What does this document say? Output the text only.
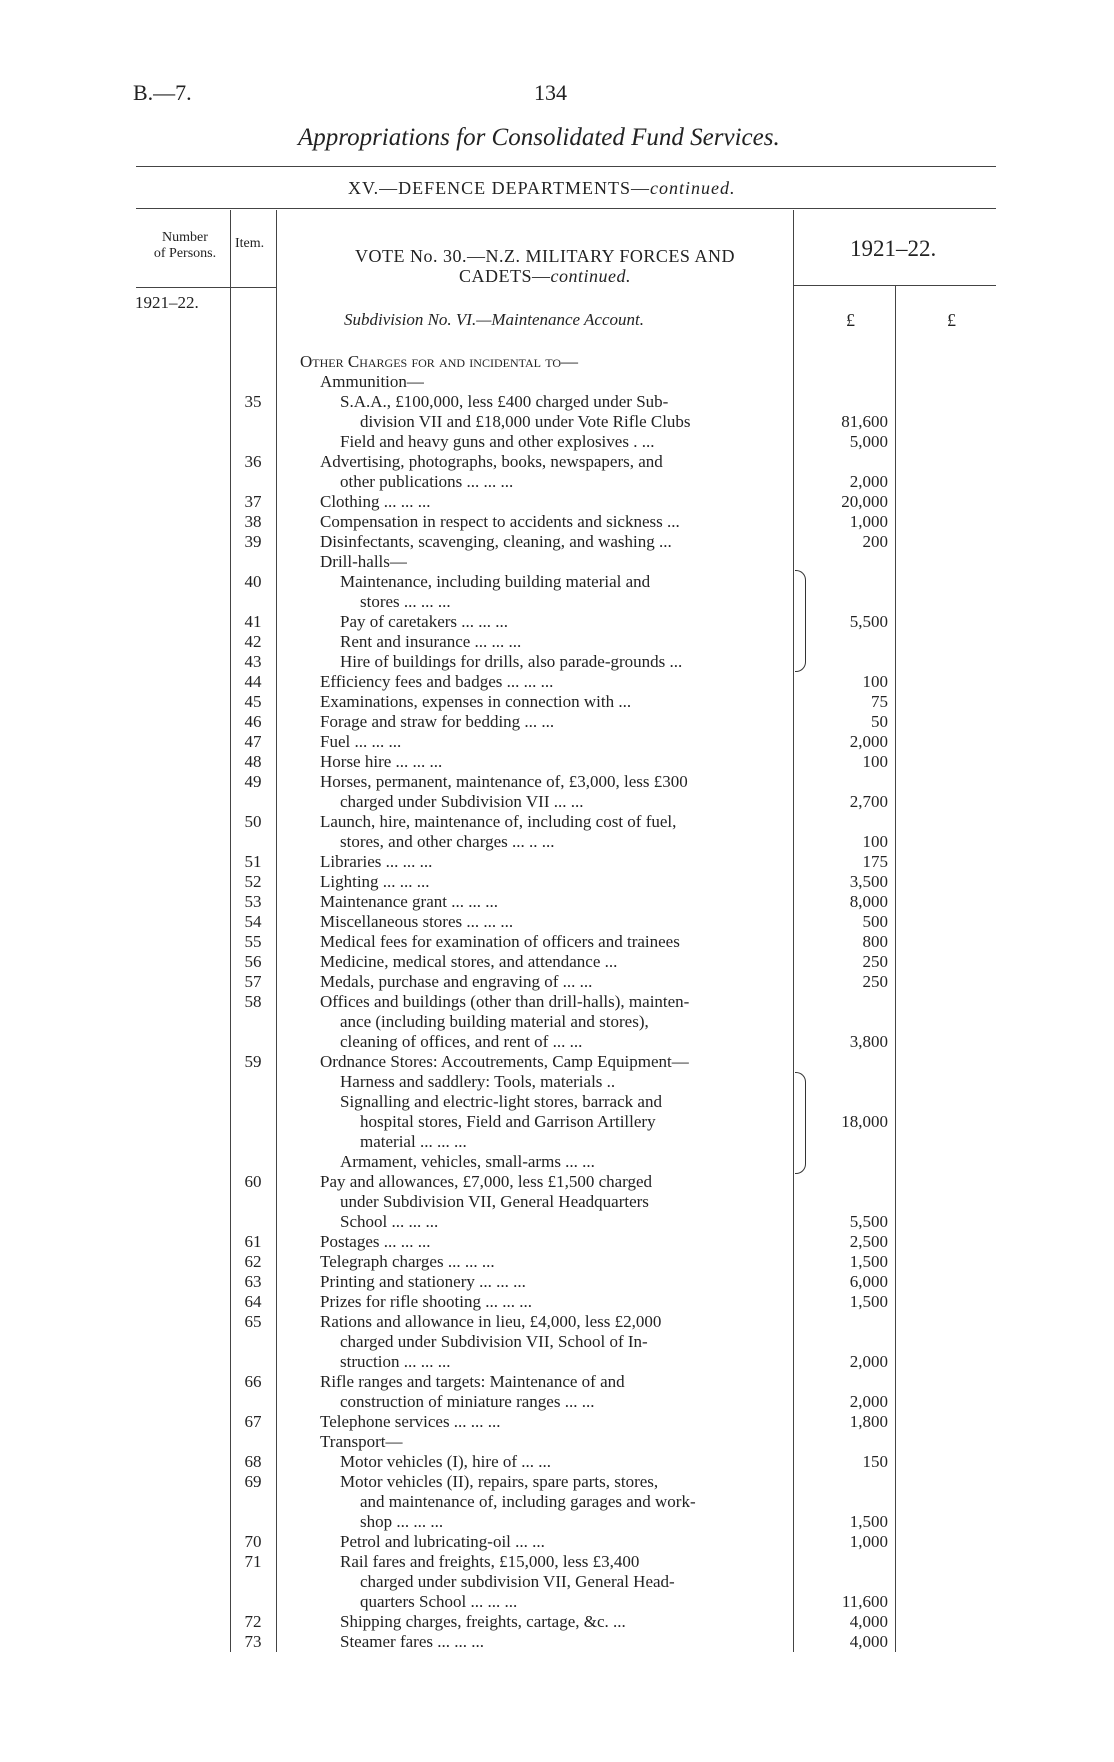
B.—7.	134
Appropriations for Consolidated Fund Services.
XV.—DEFENCE DEPARTMENTS—continued.
Number
of Persons.
Item.
VOTE No. 30.—N.Z. MILITARY FORCES AND
CADETS—continued.
1921–22.
1921–22.
Subdivision No. VI.—Maintenance Account.	£	£
Other Charges for and incidental to—
Ammunition—
35	S.A.A., £100,000, less £400 charged under Sub-
division VII and £18,000 under Vote Rifle Clubs	81,600
Field and heavy guns and other explosives . ...	5,000
36	Advertising, photographs, books, newspapers, and
other publications ... ... ...	2,000
37	Clothing ... ... ...	20,000
38	Compensation in respect to accidents and sickness ...	1,000
39	Disinfectants, scavenging, cleaning, and washing ...	200
Drill-halls—
40	Maintenance, including building material and
stores ... ... ...
41	Pay of caretakers ... ... ...	5,500
42	Rent and insurance ... ... ...
43	Hire of buildings for drills, also parade-grounds ...
44	Efficiency fees and badges ... ... ...	100
45	Examinations, expenses in connection with ...	75
46	Forage and straw for bedding ... ...	50
47	Fuel ... ... ...	2,000
48	Horse hire ... ... ...	100
49	Horses, permanent, maintenance of, £3,000, less £300
charged under Subdivision VII ... ...	2,700
50	Launch, hire, maintenance of, including cost of fuel,
stores, and other charges ... .. ...	100
51	Libraries ... ... ...	175
52	Lighting ... ... ...	3,500
53	Maintenance grant ... ... ...	8,000
54	Miscellaneous stores ... ... ...	500
55	Medical fees for examination of officers and trainees	800
56	Medicine, medical stores, and attendance ...	250
57	Medals, purchase and engraving of ... ...	250
58	Offices and buildings (other than drill-halls), mainten-
ance (including building material and stores),
cleaning of offices, and rent of ... ...	3,800
59	Ordnance Stores: Accoutrements, Camp Equipment—
Harness and saddlery: Tools, materials ..
Signalling and electric-light stores, barrack and
hospital stores, Field and Garrison Artillery	18,000
material ... ... ...
Armament, vehicles, small-arms ... ...
60	Pay and allowances, £7,000, less £1,500 charged
under Subdivision VII, General Headquarters
School ... ... ...	5,500
61	Postages ... ... ...	2,500
62	Telegraph charges ... ... ...	1,500
63	Printing and stationery ... ... ...	6,000
64	Prizes for rifle shooting ... ... ...	1,500
65	Rations and allowance in lieu, £4,000, less £2,000
charged under Subdivision VII, School of In-
struction ... ... ...	2,000
66	Rifle ranges and targets: Maintenance of and
construction of miniature ranges ... ...	2,000
67	Telephone services ... ... ...	1,800
Transport—
68	Motor vehicles (I), hire of ... ...	150
69	Motor vehicles (II), repairs, spare parts, stores,
and maintenance of, including garages and work-
shop ... ... ...	1,500
70	Petrol and lubricating-oil ... ...	1,000
71	Rail fares and freights, £15,000, less £3,400
charged under subdivision VII, General Head-
quarters School ... ... ...	11,600
72	Shipping charges, freights, cartage, &c. ...	4,000
73	Steamer fares ... ... ...	4,000
